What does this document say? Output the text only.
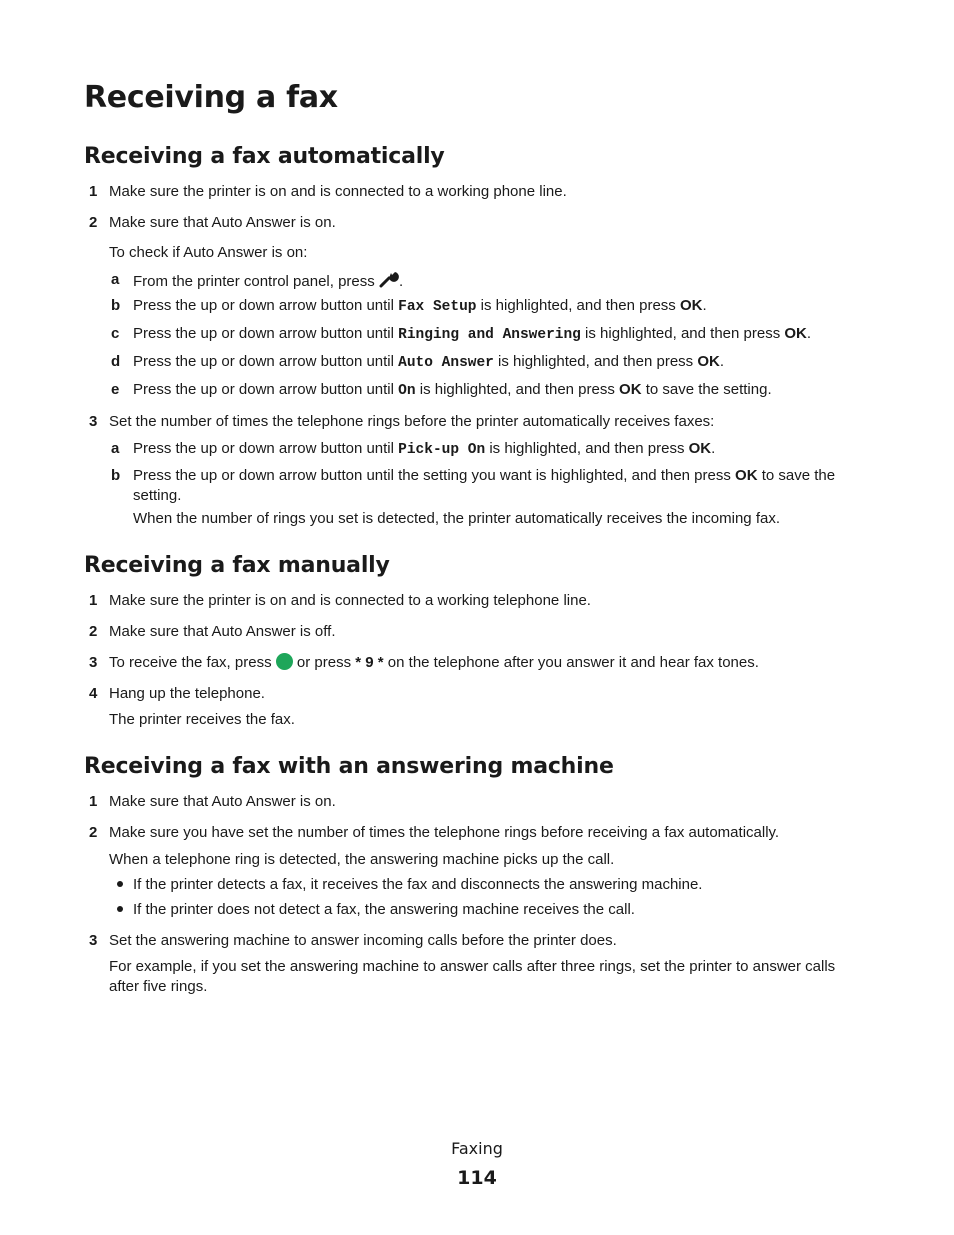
Receiving a fax
Receiving a fax automatically
1 Make sure the printer is on and is connected to a working phone line.
2 Make sure that Auto Answer is on.
To check if Auto Answer is on:
a From the printer control panel, press .
b Press the up or down arrow button until Fax Setup is highlighted, and then press OK.
c Press the up or down arrow button until Ringing and Answering is highlighted, and then press OK.
d Press the up or down arrow button until Auto Answer is highlighted, and then press OK.
e Press the up or down arrow button until On is highlighted, and then press OK to save the setting.
3 Set the number of times the telephone rings before the printer automatically receives faxes:
a Press the up or down arrow button until Pick-up On is highlighted, and then press OK.
b Press the up or down arrow button until the setting you want is highlighted, and then press OK to save the
setting.
When the number of rings you set is detected, the printer automatically receives the incoming fax.
Receiving a fax manually
1 Make sure the printer is on and is connected to a working telephone line.
2 Make sure that Auto Answer is off.
3 To receive the fax, press  or press * 9 * on the telephone after you answer it and hear fax tones.
4 Hang up the telephone.
The printer receives the fax.
Receiving a fax with an answering machine
1 Make sure that Auto Answer is on.
2 Make sure you have set the number of times the telephone rings before receiving a fax automatically.
When a telephone ring is detected, the answering machine picks up the call.
If the printer detects a fax, it receives the fax and disconnects the answering machine.
If the printer does not detect a fax, the answering machine receives the call.
3 Set the answering machine to answer incoming calls before the printer does.
For example, if you set the answering machine to answer calls after three rings, set the printer to answer calls
after five rings.
Faxing
114
